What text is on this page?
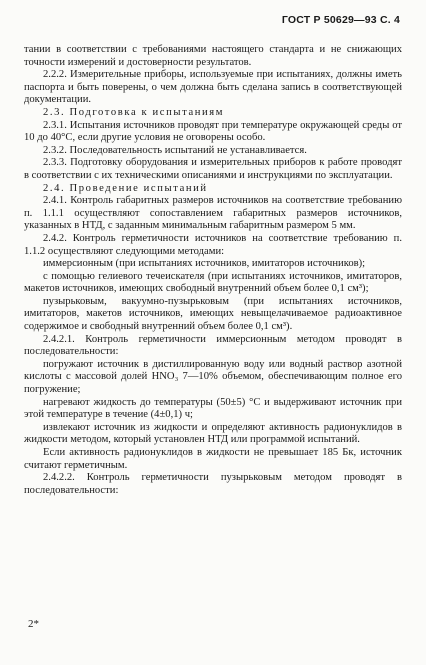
ГОСТ Р 50629—93 С. 4

тании в соответствии с требованиями настоящего стандарта и не снижающих точности измерений и достоверности результатов.

2.2.2. Измерительные приборы, используемые при испытаниях, должны иметь паспорта и быть поверены, о чем должна быть сделана запись в соответствующей документации.

2.3. Подготовка к испытаниям

2.3.1. Испытания источников проводят при температуре окружающей среды от 10 до 40°С, если другие условия не оговорены особо.

2.3.2. Последовательность испытаний не устанавливается.

2.3.3. Подготовку оборудования и измерительных приборов к работе проводят в соответствии с их техническими описаниями и инструкциями по эксплуатации.

2.4. Проведение испытаний

2.4.1. Контроль габаритных размеров источников на соответствие требованию п. 1.1.1 осуществляют сопоставлением габаритных размеров источников, указанных в НТД, с заданным минимальным габаритным размером 5 мм.

2.4.2. Контроль герметичности источников на соответствие требованию п. 1.1.2 осуществляют следующими методами:

иммерсионным (при испытаниях источников, имитаторов источников);

с помощью гелиевого течеискателя (при испытаниях источников, имитаторов, макетов источников, имеющих свободный внутренний объем более 0,1 см³);

пузырьковым, вакуумно-пузырьковым (при испытаниях источников, имитаторов, макетов источников, имеющих невыщелачиваемое радиоактивное содержимое и свободный внутренний объем более 0,1 см³).

2.4.2.1. Контроль герметичности иммерсионным методом проводят в последовательности:

погружают источник в дистиллированную воду или водный раствор азотной кислоты с массовой долей HNO₃ 7—10% объемом, обеспечивающим полное его погружение;

нагревают жидкость до температуры (50±5) °С и выдерживают источник при этой температуре в течение (4±0,1) ч;

извлекают источник из жидкости и определяют активность радионуклидов в жидкости методом, который установлен НТД или программой испытаний.

Если активность радионуклидов в жидкости не превышает 185 Бк, источник считают герметичным.

2.4.2.2. Контроль герметичности пузырьковым методом проводят в последовательности:

2*
